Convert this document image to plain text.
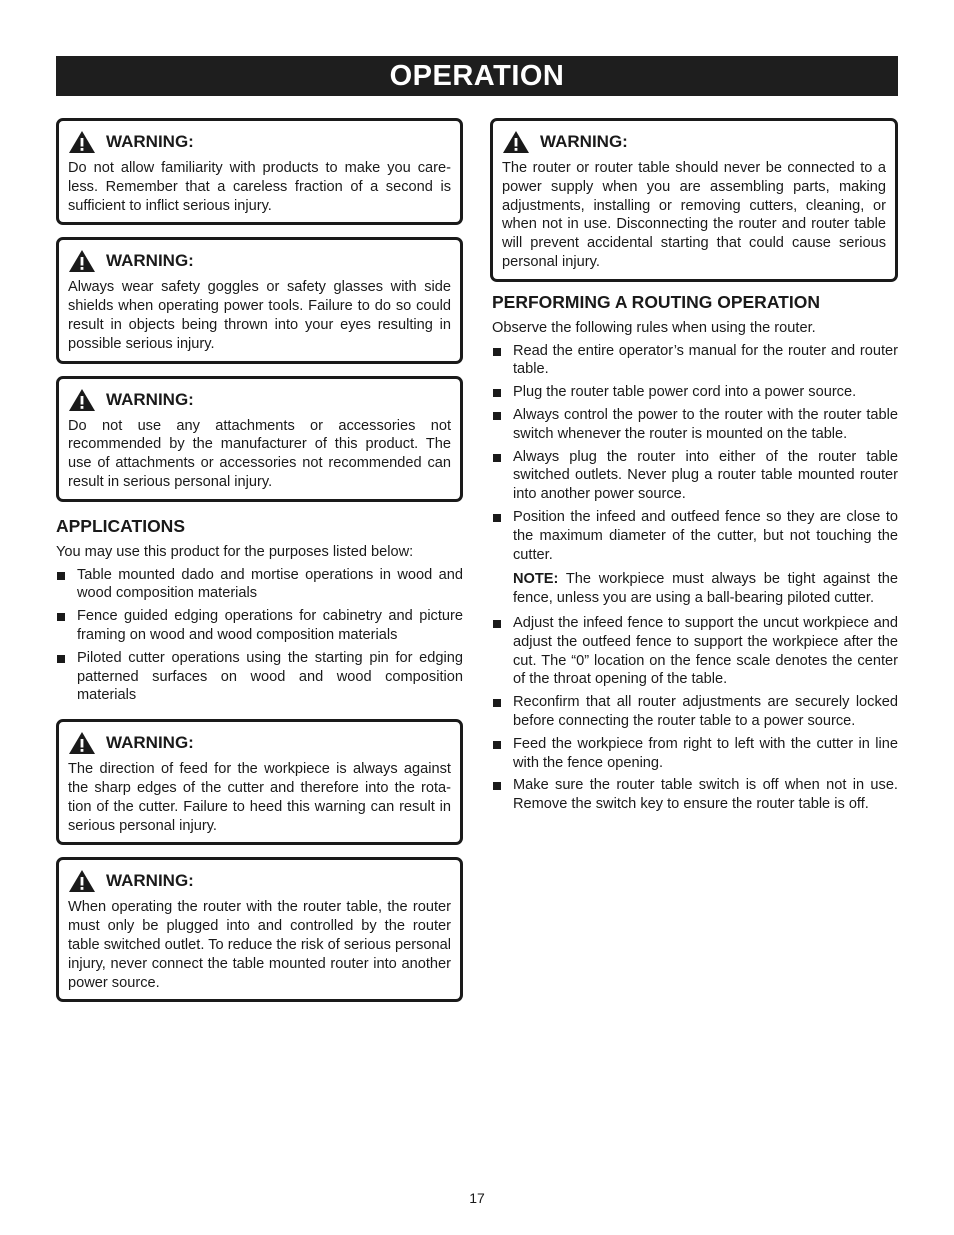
OPERATION
WARNING:

Do not allow familiarity with products to make you care-less. Remember that a careless fraction of a second is sufficient to inflict serious injury.

WARNING:

Always wear safety goggles or safety glasses with side shields when operating power tools. Failure to do so could result in objects being thrown into your eyes resulting in possible serious injury.

WARNING:

Do not use any attachments or accessories not recommended by the manufacturer of this product. The use of attachments or accessories not recommended can result in serious personal injury.

APPLICATIONS

You may use this product for the purposes listed below:

Table mounted dado and mortise operations in wood and wood composition materials
Fence guided edging operations for cabinetry and picture framing on wood and wood composition materials
Piloted cutter operations using the starting pin for edging patterned surfaces on wood and wood composition materials
WARNING:

The direction of feed for the workpiece is always against the sharp edges of the cutter and therefore into the rota-tion of the cutter. Failure to heed this warning can result in serious personal injury.

WARNING:

When operating the router with the router table, the router must only be plugged into and controlled by the router table switched outlet. To reduce the risk of serious personal injury, never connect the table mounted router into another power source.

WARNING:

The router or router table should never be connected to a power supply when you are assembling parts, making adjustments, installing or removing cutters, cleaning, or when not in use. Disconnecting the router and router table will prevent accidental starting that could cause serious personal injury.

PERFORMING A ROUTING OPERATION

Observe the following rules when using the router.

Read the entire operator’s manual for the router and router table.
Plug the router table power cord into a power source.
Always control the power to the router with the router table switch whenever the router is mounted on the table.
Always plug the router into either of the router table switched outlets. Never plug a router table mounted router into another power source.
Position the infeed and outfeed fence so they are close to the maximum diameter of the cutter, but not touching the cutter.

NOTE: The workpiece must always be tight against the fence, unless you are using a ball-bearing piloted cutter.

Adjust the infeed fence to support the uncut workpiece and adjust the outfeed fence to support the workpiece after the cut. The “0” location on the fence scale denotes the center of the throat opening of the table.
Reconfirm that all router adjustments are securely locked before connecting the router table to a power source.
Feed the workpiece from right to left with the cutter in line with the fence opening.
Make sure the router table switch is off when not in use. Remove the switch key to ensure the router table is off.
17
